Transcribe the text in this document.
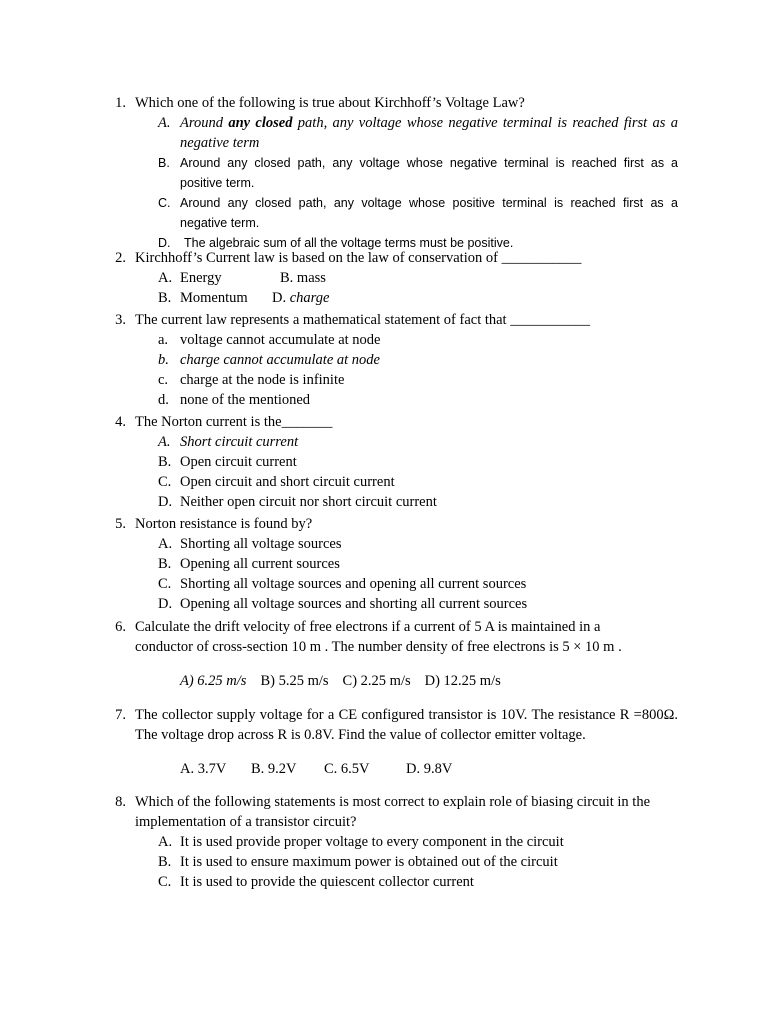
1. Which one of the following is true about Kirchhoff’s Voltage Law?
A. Around any closed path, any voltage whose negative terminal is reached first as a negative term
B. Around any closed path, any voltage whose negative terminal is reached first as a positive term.
C. Around any closed path, any voltage whose positive terminal is reached first as a negative term.
D. The algebraic sum of all the voltage terms must be positive.
2. Kirchhoff’s Current law is based on the law of conservation of ___________
A. Energy	B. mass
B. Momentum D. charge
3. The current law represents a mathematical statement of fact that ___________
a. voltage cannot accumulate at node
b. charge cannot accumulate at node
c. charge at the node is infinite
d. none of the mentioned
4. The Norton current is the_______
A. Short circuit current
B. Open circuit current
C. Open circuit and short circuit current
D. Neither open circuit nor short circuit current
5. Norton resistance is found by?
A. Shorting all voltage sources
B. Opening all current sources
C. Shorting all voltage sources and opening all current sources
D. Opening all voltage sources and shorting all current sources
6. Calculate the drift velocity of free electrons if a current of 5 A is maintained in a conductor of cross-section 10 m . The number density of free electrons is 5 × 10 m .
A) 6.25 m/s B) 5.25 m/s C) 2.25 m/s D) 12.25 m/s
7. The collector supply voltage for a CE configured transistor is 10V. The resistance R =800Ω. The voltage drop across R is 0.8V. Find the value of collector emitter voltage.
A. 3.7V B. 9.2V C. 6.5V	D. 9.8V
8. Which of the following statements is most correct to explain role of biasing circuit in the implementation of a transistor circuit?
A. It is used provide proper voltage to every component in the circuit
B. It is used to ensure maximum power is obtained out of the circuit
C. It is used to provide the quiescent collector current
